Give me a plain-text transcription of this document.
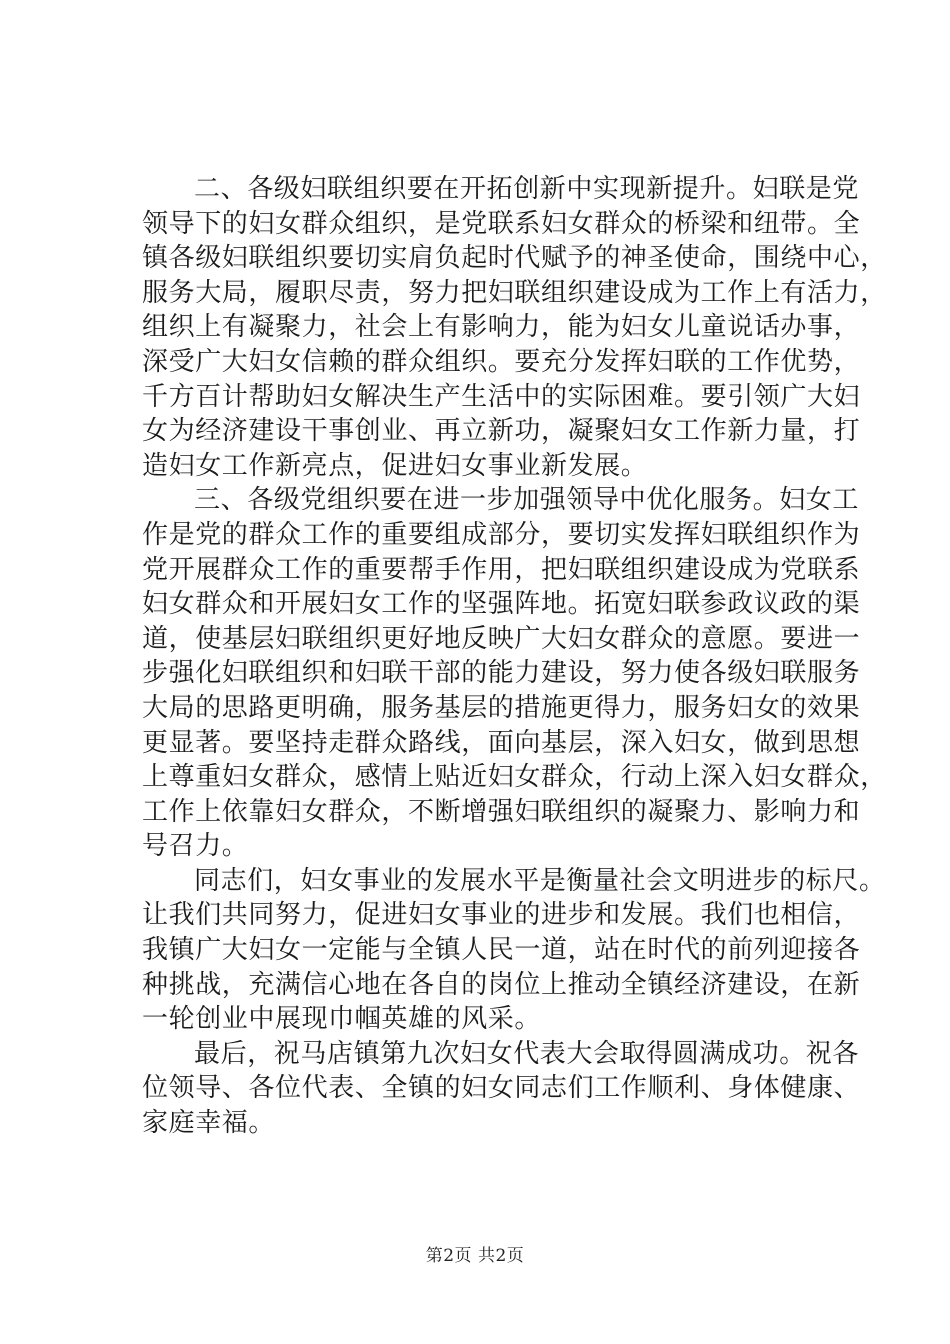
二、各级妇联组织要在开拓创新中实现新提升。妇联是党
领导下的妇女群众组织，是党联系妇女群众的桥梁和纽带。全
镇各级妇联组织要切实肩负起时代赋予的神圣使命，围绕中心，
服务大局，履职尽责，努力把妇联组织建设成为工作上有活力，
组织上有凝聚力，社会上有影响力，能为妇女儿童说话办事，
深受广大妇女信赖的群众组织。要充分发挥妇联的工作优势，
千方百计帮助妇女解决生产生活中的实际困难。要引领广大妇
女为经济建设干事创业、再立新功，凝聚妇女工作新力量，打
造妇女工作新亮点，促进妇女事业新发展。
三、各级党组织要在进一步加强领导中优化服务。妇女工
作是党的群众工作的重要组成部分，要切实发挥妇联组织作为
党开展群众工作的重要帮手作用，把妇联组织建设成为党联系
妇女群众和开展妇女工作的坚强阵地。拓宽妇联参政议政的渠
道，使基层妇联组织更好地反映广大妇女群众的意愿。要进一
步强化妇联组织和妇联干部的能力建设，努力使各级妇联服务
大局的思路更明确，服务基层的措施更得力，服务妇女的效果
更显著。要坚持走群众路线，面向基层，深入妇女，做到思想
上尊重妇女群众，感情上贴近妇女群众，行动上深入妇女群众，
工作上依靠妇女群众，不断增强妇联组织的凝聚力、影响力和
号召力。
同志们，妇女事业的发展水平是衡量社会文明进步的标尺。
让我们共同努力，促进妇女事业的进步和发展。我们也相信，
我镇广大妇女一定能与全镇人民一道，站在时代的前列迎接各
种挑战，充满信心地在各自的岗位上推动全镇经济建设，在新
一轮创业中展现巾帼英雄的风采。
最后，祝马店镇第九次妇女代表大会取得圆满成功。祝各
位领导、各位代表、全镇的妇女同志们工作顺利、身体健康、
家庭幸福。
第2页 共2页
